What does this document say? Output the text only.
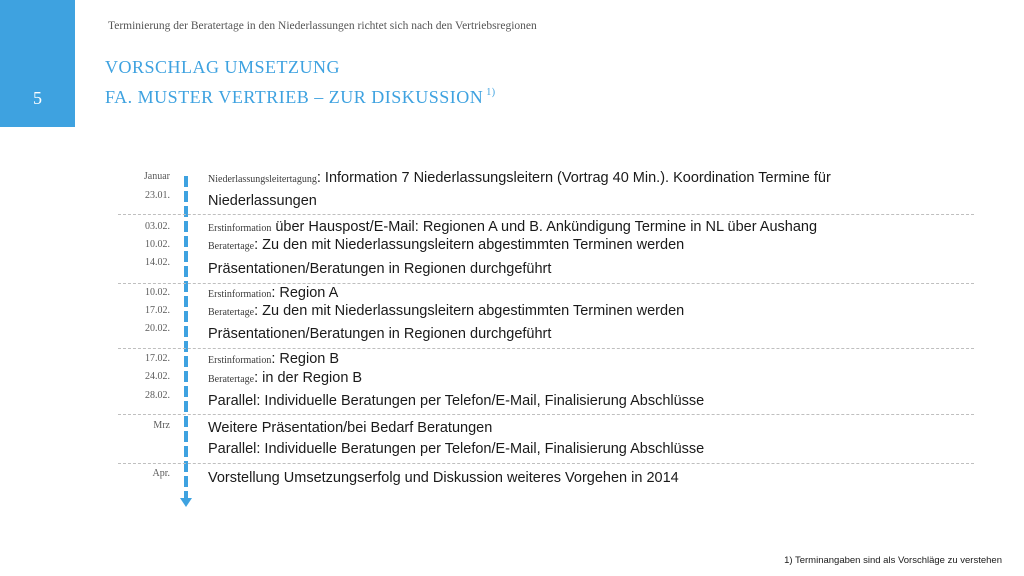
5
Terminierung der Beratertage in den Niederlassungen richtet sich nach den Vertriebsregionen
VORSCHLAG UMSETZUNG
FA. MUSTER VERTRIEB – ZUR DISKUSSION $^{1)}$
Januar
23.01.
Niederlassungsleitertagung: Information 7 Niederlassungsleitern (Vortrag 40 Min.). Koordination Termine für
Niederlassungen
03.02.
10.02.
14.02.
Erstinformation über Hauspost/E-Mail: Regionen A und B. Ankündigung Termine in NL über Aushang
Beratertage: Zu den mit Niederlassungsleitern abgestimmten Terminen werden
Präsentationen/Beratungen in Regionen durchgeführt
10.02.
17.02.
20.02.
Erstinformation: Region A
Beratertage: Zu den mit Niederlassungsleitern abgestimmten Terminen werden
Präsentationen/Beratungen in Regionen durchgeführt
17.02.
24.02.
28.02.
Erstinformation: Region B
Beratertage: in der Region B
Parallel: Individuelle Beratungen per Telefon/E-Mail, Finalisierung Abschlüsse
Mrz	Weitere Präsentation/bei Bedarf Beratungen
Parallel: Individuelle Beratungen per Telefon/E-Mail, Finalisierung Abschlüsse
Apr.	Vorstellung Umsetzungserfolg und Diskussion weiteres Vorgehen in 2014
1) Terminangaben sind als Vorschläge zu verstehen
